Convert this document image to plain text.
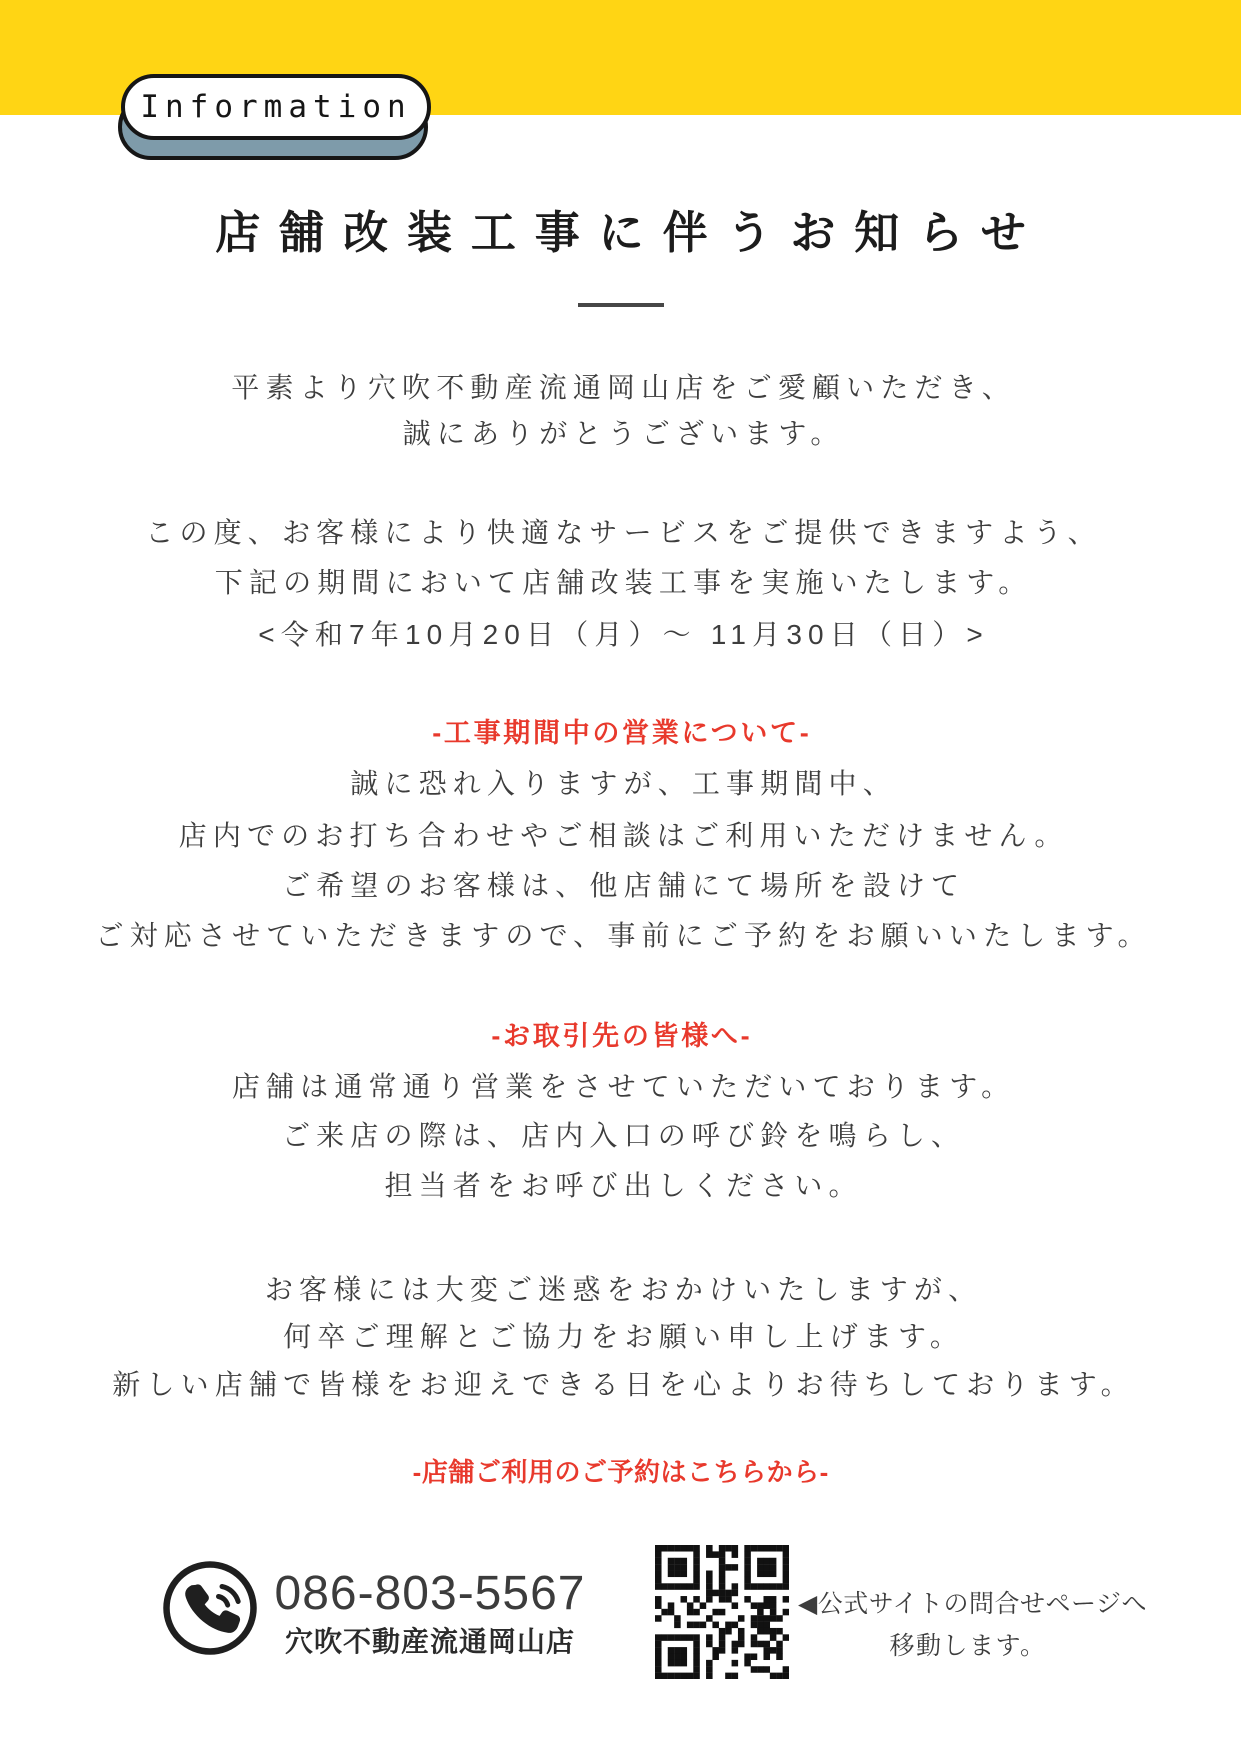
Information
店舗改装工事に伴うお知らせ
平素より穴吹不動産流通岡山店をご愛顧いただき、
誠にありがとうございます。
この度、お客様により快適なサービスをご提供できますよう、
下記の期間において店舗改装工事を実施いたします。
<令和7年10月20日（月）～ 11月30日（日）>
-工事期間中の営業について-
誠に恐れ入りますが、工事期間中、
店内でのお打ち合わせやご相談はご利用いただけません。
ご希望のお客様は、他店舗にて場所を設けて
ご対応させていただきますので、事前にご予約をお願いいたします。
-お取引先の皆様へ-
店舗は通常通り営業をさせていただいております。
ご来店の際は、店内入口の呼び鈴を鳴らし、
担当者をお呼び出しください。
お客様には大変ご迷惑をおかけいたしますが、
何卒ご理解とご協力をお願い申し上げます。
新しい店舗で皆様をお迎えできる日を心よりお待ちしております。
-店舗ご利用のご予約はこちらから-
086-803-5567
穴吹不動産流通岡山店
◀公式サイトの問合せページへ
移動します。
